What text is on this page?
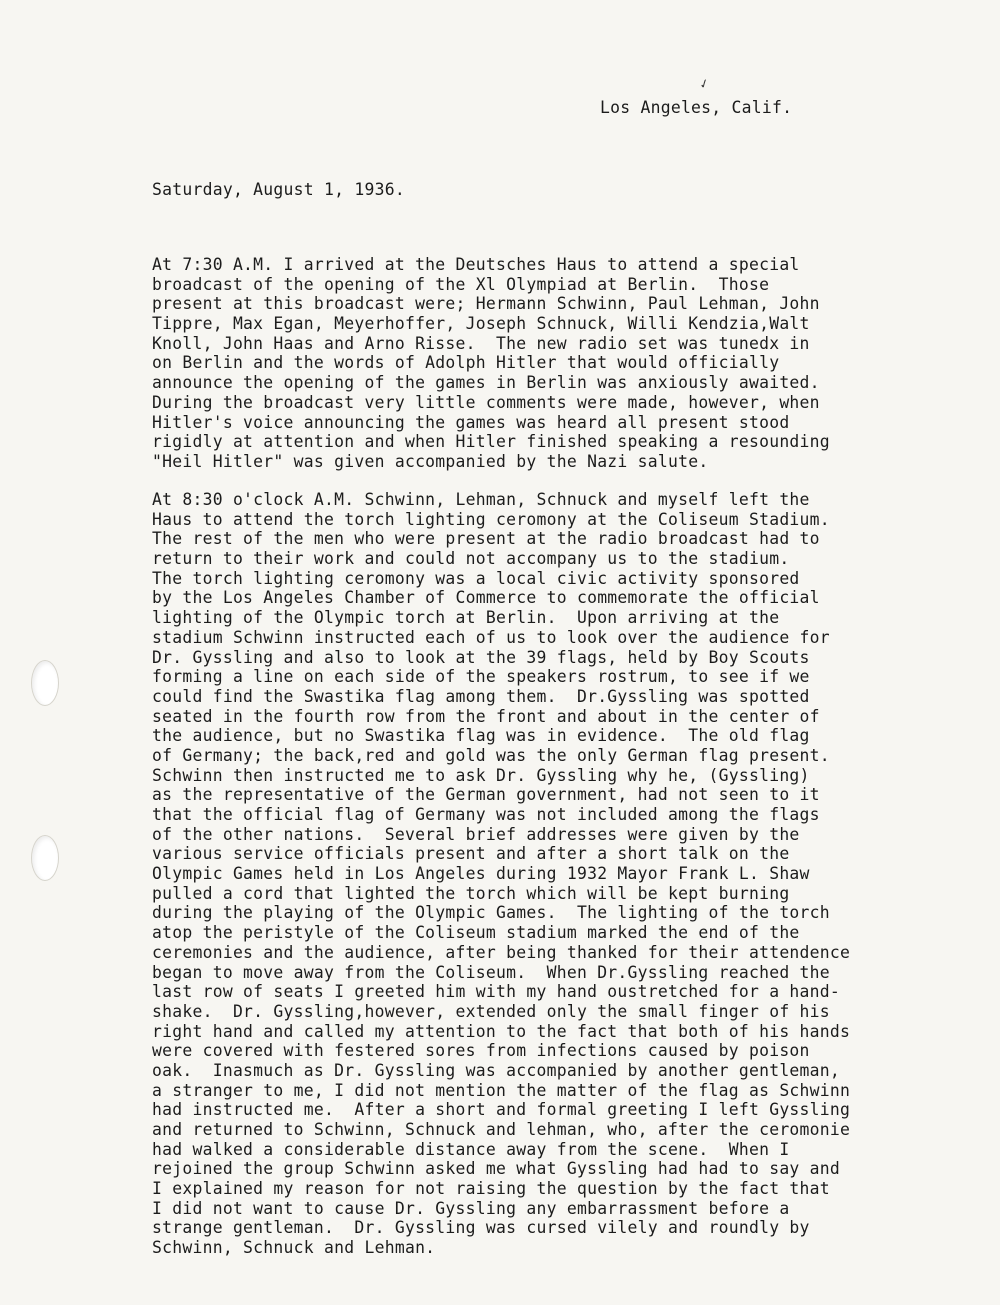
✓
Los Angeles, Calif.
Saturday, August 1, 1936.
At 7:30 A.M. I arrived at the Deutsches Haus to attend a special
broadcast of the opening of the Xl Olympiad at Berlin.  Those
present at this broadcast were; Hermann Schwinn, Paul Lehman, John
Tippre, Max Egan, Meyerhoffer, Joseph Schnuck, Willi Kendzia,Walt
Knoll, John Haas and Arno Risse.  The new radio set was tunedx in
on Berlin and the words of Adolph Hitler that would officially
announce the opening of the games in Berlin was anxiously awaited.
During the broadcast very little comments were made, however, when
Hitler's voice announcing the games was heard all present stood
rigidly at attention and when Hitler finished speaking a resounding
"Heil Hitler" was given accompanied by the Nazi salute.
At 8:30 o'clock A.M. Schwinn, Lehman, Schnuck and myself left the
Haus to attend the torch lighting ceromony at the Coliseum Stadium.
The rest of the men who were present at the radio broadcast had to
return to their work and could not accompany us to the stadium.
The torch lighting ceromony was a local civic activity sponsored
by the Los Angeles Chamber of Commerce to commemorate the official
lighting of the Olympic torch at Berlin.  Upon arriving at the
stadium Schwinn instructed each of us to look over the audience for
Dr. Gyssling and also to look at the 39 flags, held by Boy Scouts
forming a line on each side of the speakers rostrum, to see if we
could find the Swastika flag among them.  Dr.Gyssling was spotted
seated in the fourth row from the front and about in the center of
the audience, but no Swastika flag was in evidence.  The old flag
of Germany; the back,red and gold was the only German flag present.
Schwinn then instructed me to ask Dr. Gyssling why he, (Gyssling)
as the representative of the German government, had not seen to it
that the official flag of Germany was not included among the flags
of the other nations.  Several brief addresses were given by the
various service officials present and after a short talk on the
Olympic Games held in Los Angeles during 1932 Mayor Frank L. Shaw
pulled a cord that lighted the torch which will be kept burning
during the playing of the Olympic Games.  The lighting of the torch
atop the peristyle of the Coliseum stadium marked the end of the
ceremonies and the audience, after being thanked for their attendence
began to move away from the Coliseum.  When Dr.Gyssling reached the
last row of seats I greeted him with my hand oustretched for a hand-
shake.  Dr. Gyssling,however, extended only the small finger of his
right hand and called my attention to the fact that both of his hands
were covered with festered sores from infections caused by poison
oak.  Inasmuch as Dr. Gyssling was accompanied by another gentleman,
a stranger to me, I did not mention the matter of the flag as Schwinn
had instructed me.  After a short and formal greeting I left Gyssling
and returned to Schwinn, Schnuck and lehman, who, after the ceromonie
had walked a considerable distance away from the scene.  When I
rejoined the group Schwinn asked me what Gyssling had had to say and
I explained my reason for not raising the question by the fact that
I did not want to cause Dr. Gyssling any embarrassment before a
strange gentleman.  Dr. Gyssling was cursed vilely and roundly by
Schwinn, Schnuck and Lehman.
